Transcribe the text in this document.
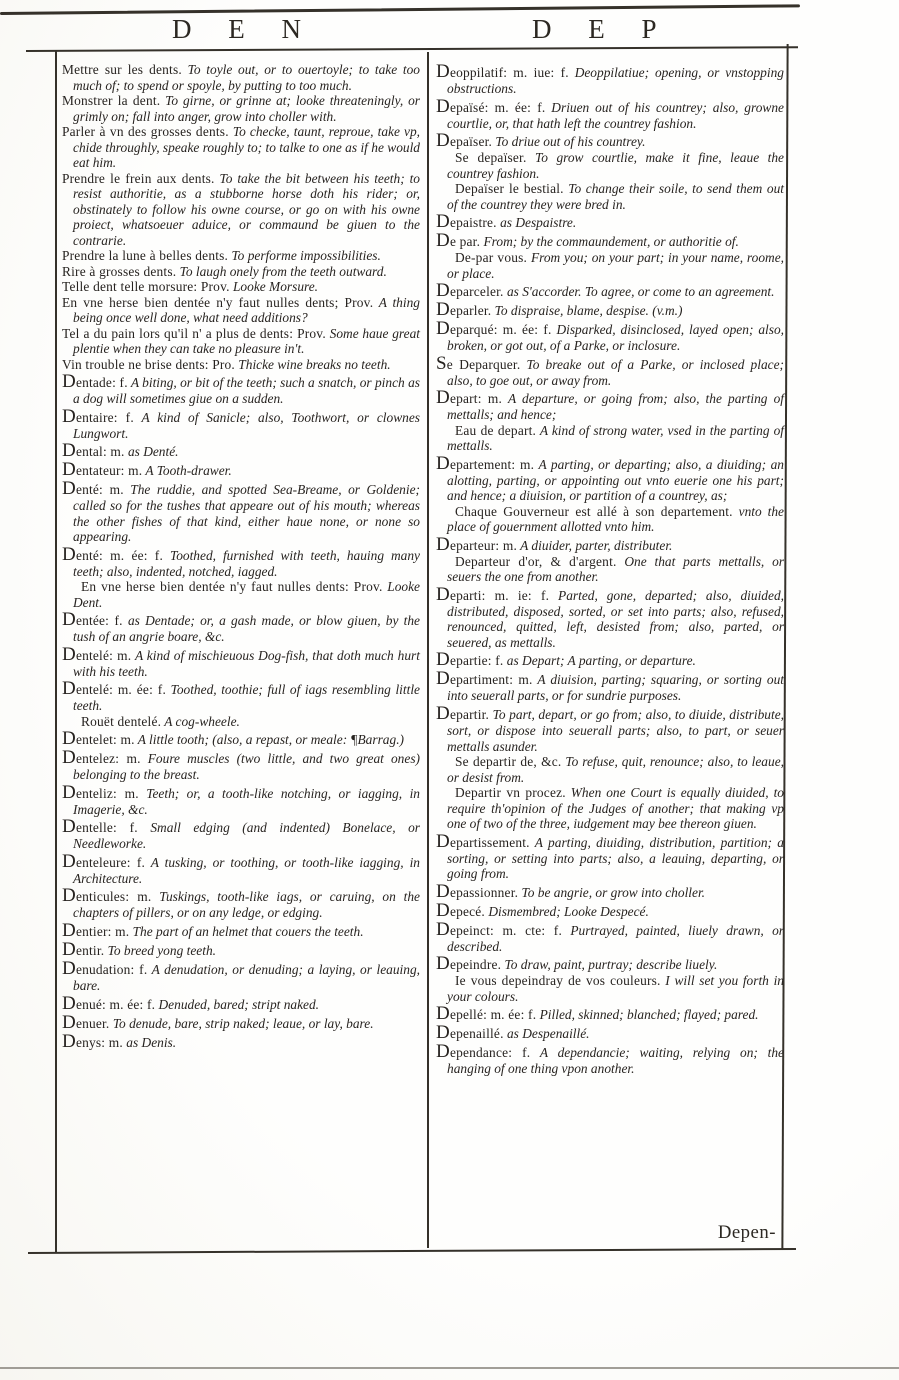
D E N	D E P

Mettre sur les dents. To toyle out, or to ouertoyle; to take too much of; to spend or spoyle, by putting to too much.

Monstrer la dent. To girne, or grinne at; looke threateningly, or grimly on; fall into anger, grow into choller with.

Parler à vn des grosses dents. To checke, taunt, reproue, take vp, chide throughly, speake roughly to; to talke to one as if he would eat him.

Prendre le frein aux dents. To take the bit between his teeth; to resist authoritie, as a stubborne horse doth his rider; or, obstinately to follow his owne course, or go on with his owne proiect, whatsoeuer aduice, or commaund be giuen to the contrarie.

Prendre la lune à belles dents. To performe impossibilities.

Rire à grosses dents. To laugh onely from the teeth outward.

Telle dent telle morsure: Prov. Looke Morsure.

En vne herse bien dentée n'y faut nulles dents; Prov. A thing being once well done, what need additions?

Tel a du pain lors qu'il n' a plus de dents: Prov. Some haue great plentie when they can take no pleasure in't.

Vin trouble ne brise dents: Pro. Thicke wine breaks no teeth.

Dentade: f. A biting, or bit of the teeth; such a snatch, or pinch as a dog will sometimes giue on a sudden.

Dentaire: f. A kind of Sanicle; also, Toothwort, or clownes Lungwort.

Dental: m. as Denté.

Dentateur: m. A Tooth-drawer.

Denté: m. The ruddie, and spotted Sea-Breame, or Goldenie; called so for the tushes that appeare out of his mouth; whereas the other fishes of that kind, either haue none, or none so appearing.

Denté: m. ée: f. Toothed, furnished with teeth, hauing many teeth; also, indented, notched, iagged.

En vne herse bien dentée n'y faut nulles dents: Prov. Looke Dent.

Dentée: f. as Dentade; or, a gash made, or blow giuen, by the tush of an angrie boare, &c.

Dentelé: m. A kind of mischieuous Dog-fish, that doth much hurt with his teeth.

Dentelé: m. ée: f. Toothed, toothie; full of iags resembling little teeth.

Rouët dentelé. A cog-wheele.

Dentelet: m. A little tooth; (also, a repast, or meale: ¶Barrag.)

Dentelez: m. Foure muscles (two little, and two great ones) belonging to the breast.

Denteliz: m. Teeth; or, a tooth-like notching, or iagging, in Imagerie, &c.

Dentelle: f. Small edging (and indented) Bonelace, or Needleworke.

Denteleure: f. A tusking, or toothing, or tooth-like iagging, in Architecture.

Denticules: m. Tuskings, tooth-like iags, or caruing, on the chapters of pillers, or on any ledge, or edging.

Dentier: m. The part of an helmet that couers the teeth.

Dentir. To breed yong teeth.

Denudation: f. A denudation, or denuding; a laying, or leauing, bare.

Denué: m. ée: f. Denuded, bared; stript naked.

Denuer. To denude, bare, strip naked; leaue, or lay, bare.

Denys: m. as Denis.

Deoppilatif: m. iue: f. Deoppilatiue; opening, or vnstopping obstructions.

Depaïsé: m. ée: f. Driuen out of his countrey; also, growne courtlie, or, that hath left the countrey fashion.

Depaïser. To driue out of his countrey.

Se depaïser. To grow courtlie, make it fine, leaue the countrey fashion.

Depaïser le bestial. To change their soile, to send them out of the countrey they were bred in.

Depaistre. as Despaistre.

De par. From; by the commaundement, or authoritie of.

De-par vous. From you; on your part; in your name, roome, or place.

Deparceler. as S'accorder. To agree, or come to an agreement.

Deparler. To dispraise, blame, despise. (v.m.)

Deparqué: m. ée: f. Disparked, disinclosed, layed open; also, broken, or got out, of a Parke, or inclosure.

Se Deparquer. To breake out of a Parke, or inclosed place; also, to goe out, or away from.

Depart: m. A departure, or going from; also, the parting of mettalls; and hence;

Eau de depart. A kind of strong water, vsed in the parting of mettalls.

Departement: m. A parting, or departing; also, a diuiding; an alotting, parting, or appointing out vnto euerie one his part; and hence; a diuision, or partition of a countrey, as;

Chaque Gouverneur est allé à son departement. vnto the place of gouernment allotted vnto him.

Departeur: m. A diuider, parter, distributer.

Departeur d'or, & d'argent. One that parts mettalls, or seuers the one from another.

Departi: m. ie: f. Parted, gone, departed; also, diuided, distributed, disposed, sorted, or set into parts; also, refused, renounced, quitted, left, desisted from; also, parted, or seuered, as mettalls.

Departie: f. as Depart; A parting, or departure.

Departiment: m. A diuision, parting; squaring, or sorting out into seuerall parts, or for sundrie purposes.

Departir. To part, depart, or go from; also, to diuide, distribute, sort, or dispose into seuerall parts; also, to part, or seuer mettalls asunder.

Se departir de, &c. To refuse, quit, renounce; also, to leaue, or desist from.

Departir vn procez. When one Court is equally diuided, to require th'opinion of the Judges of another; that making vp one of two of the three, iudgement may bee thereon giuen.

Departissement. A parting, diuiding, distribution, partition; a sorting, or setting into parts; also, a leauing, departing, or going from.

Depassionner. To be angrie, or grow into choller.

Depecé. Dismembred; Looke Despecé.

Depeinct: m. cte: f. Purtrayed, painted, liuely drawn, or described.

Depeindre. To draw, paint, purtray; describe liuely.

Ie vous depeindray de vos couleurs. I will set you forth in your colours.

Depellé: m. ée: f. Pilled, skinned; blanched; flayed; pared.

Depenaillé. as Despenaillé.

Dependance: f. A dependancie; waiting, relying on; the hanging of one thing vpon another.

Depen-
